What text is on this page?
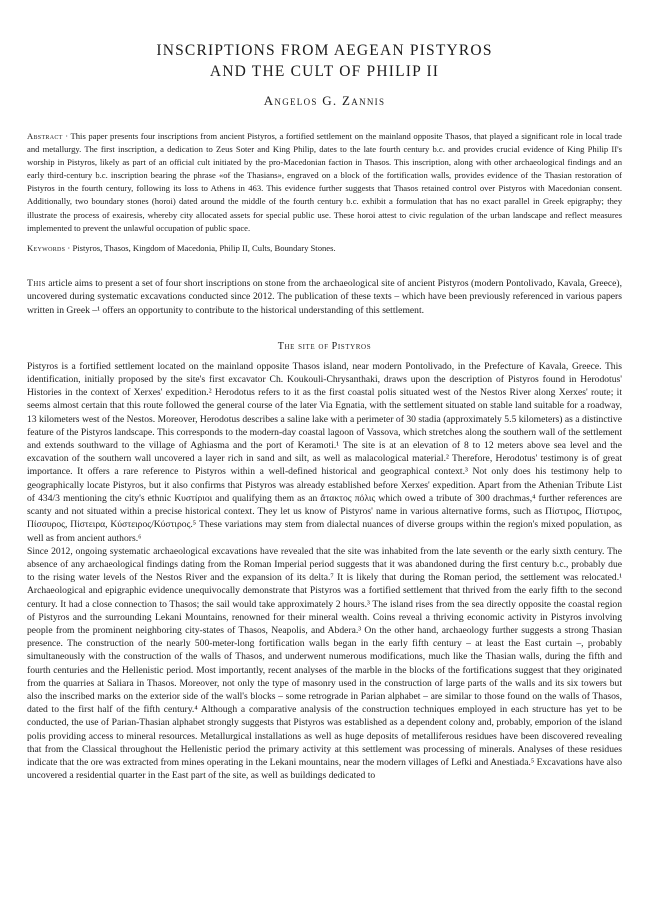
INSCRIPTIONS FROM AEGEAN PISTYROS
AND THE CULT OF PHILIP II
Angelos G. Zannis

Abstract · This paper presents four inscriptions from ancient Pistyros, a fortified settlement on the mainland opposite Thasos, that played a significant role in local trade and metallurgy. The first inscription, a dedication to Zeus Soter and King Philip, dates to the late fourth century b.c. and provides crucial evidence of King Philip II's worship in Pistyros, likely as part of an official cult initiated by the pro-Macedonian faction in Thasos. This inscription, along with other archaeological findings and an early third-century b.c. inscription bearing the phrase «of the Thasians», engraved on a block of the fortification walls, provides evidence of the Thasian restoration of Pistyros in the fourth century, following its loss to Athens in 463. This evidence further suggests that Thasos retained control over Pistyros with Macedonian consent. Additionally, two boundary stones (horoi) dated around the middle of the fourth century b.c. exhibit a formulation that has no exact parallel in Greek epigraphy; they illustrate the process of exairesis, whereby city allocated assets for special public use. These horoi attest to civic regulation of the urban landscape and reflect measures implemented to prevent the unlawful occupation of public space.

Keywords · Pistyros, Thasos, Kingdom of Macedonia, Philip II, Cults, Boundary Stones.

This article aims to present a set of four short inscriptions on stone from the archaeological site of ancient Pistyros (modern Pontolivado, Kavala, Greece), uncovered during systematic excavations conducted since 2012. The publication of these texts – which have been previously referenced in various papers written in Greek –¹ offers an opportunity to contribute to the historical understanding of this settlement.

The site of Pistyros

Pistyros is a fortified settlement located on the mainland opposite Thasos island, near modern Pontolivado, in the Prefecture of Kavala, Greece. This identification, initially proposed by the site's first excavator Ch. Koukouli-Chrysanthaki, draws upon the description of Pistyros found in Herodotus' Histories in the context of Xerxes' expedition.² Herodotus refers to it as the first coastal polis situated west of the Nestos River along Xerxes' route; it seems almost certain that this route followed the general course of the later Via Egnatia, with the settlement situated on stable land suitable for a roadway, 13 kilometers west of the Nestos. Moreover, Herodotus describes a saline lake with a perimeter of 30 stadia (approximately 5.5 kilometers) as a distinctive feature of the Pistyros landscape. This corresponds to the modern-day coastal lagoon of Vassova, which stretches along the southern wall of the settlement and extends southward to the village of Aghiasma and the port of Keramoti.¹ The site is at an elevation of 8 to 12 meters above sea level and the excavation of the southern wall uncovered a layer rich in sand and silt, as well as malacological material.² Therefore, Herodotus' testimony is of great importance. It offers a rare reference to Pistyros within a well-defined historical and geographical context.³ Not only does his testimony help to geographically locate Pistyros, but it also confirms that Pistyros was already established before Xerxes' expedition. Apart from the Athenian Tribute List of 434/3 mentioning the city's ethnic Κυστίριοι and qualifying them as an ἄτακτος πόλις which owed a tribute of 300 drachmas,⁴ further references are scanty and not situated within a precise historical context. They let us know of Pistyros' name in various alternative forms, such as Πίστιρος, Πίστιρος, Πίσσυρος, Πίστειρα, Κύστειρος/Κύστιρος.⁵ These variations may stem from dialectal nuances of diverse groups within the region's mixed population, as well as from ancient authors.⁶

Since 2012, ongoing systematic archaeological excavations have revealed that the site was inhabited from the late seventh or the early sixth century. The absence of any archaeological findings dating from the Roman Imperial period suggests that it was abandoned during the first century b.c., probably due to the rising water levels of the Nestos River and the expansion of its delta.⁷ It is likely that during the Roman period, the settlement was relocated.¹ Archaeological and epigraphic evidence unequivocally demonstrate that Pistyros was a fortified settlement that thrived from the early fifth to the second century. It had a close connection to Thasos; the sail would take approximately 2 hours.³ The island rises from the sea directly opposite the coastal region of Pistyros and the surrounding Lekani Mountains, renowned for their mineral wealth. Coins reveal a thriving economic activity in Pistyros involving people from the prominent neighboring city-states of Thasos, Neapolis, and Abdera.³ On the other hand, archaeology further suggests a strong Thasian presence. The construction of the nearly 500-meter-long fortification walls began in the early fifth century – at least the East curtain –, probably simultaneously with the construction of the walls of Thasos, and underwent numerous modifications, much like the Thasian walls, during the fifth and fourth centuries and the Hellenistic period. Most importantly, recent analyses of the marble in the blocks of the fortifications suggest that they originated from the quarries at Saliara in Thasos. Moreover, not only the type of masonry used in the construction of large parts of the walls and its six towers but also the inscribed marks on the exterior side of the wall's blocks – some retrograde in Parian alphabet – are similar to those found on the walls of Thasos, dated to the first half of the fifth century.⁴ Although a comparative analysis of the construction techniques employed in each structure has yet to be conducted, the use of Parian-Thasian alphabet strongly suggests that Pistyros was established as a dependent colony and, probably, emporion of the island polis providing access to mineral resources. Metallurgical installations as well as huge deposits of metalliferous residues have been discovered revealing that from the Classical throughout the Hellenistic period the primary activity at this settlement was processing of minerals. Analyses of these residues indicate that the ore was extracted from mines operating in the Lekani mountains, near the modern villages of Lefki and Anestiada.⁵ Excavations have also uncovered a residential quarter in the East part of the site, as well as buildings dedicated to
